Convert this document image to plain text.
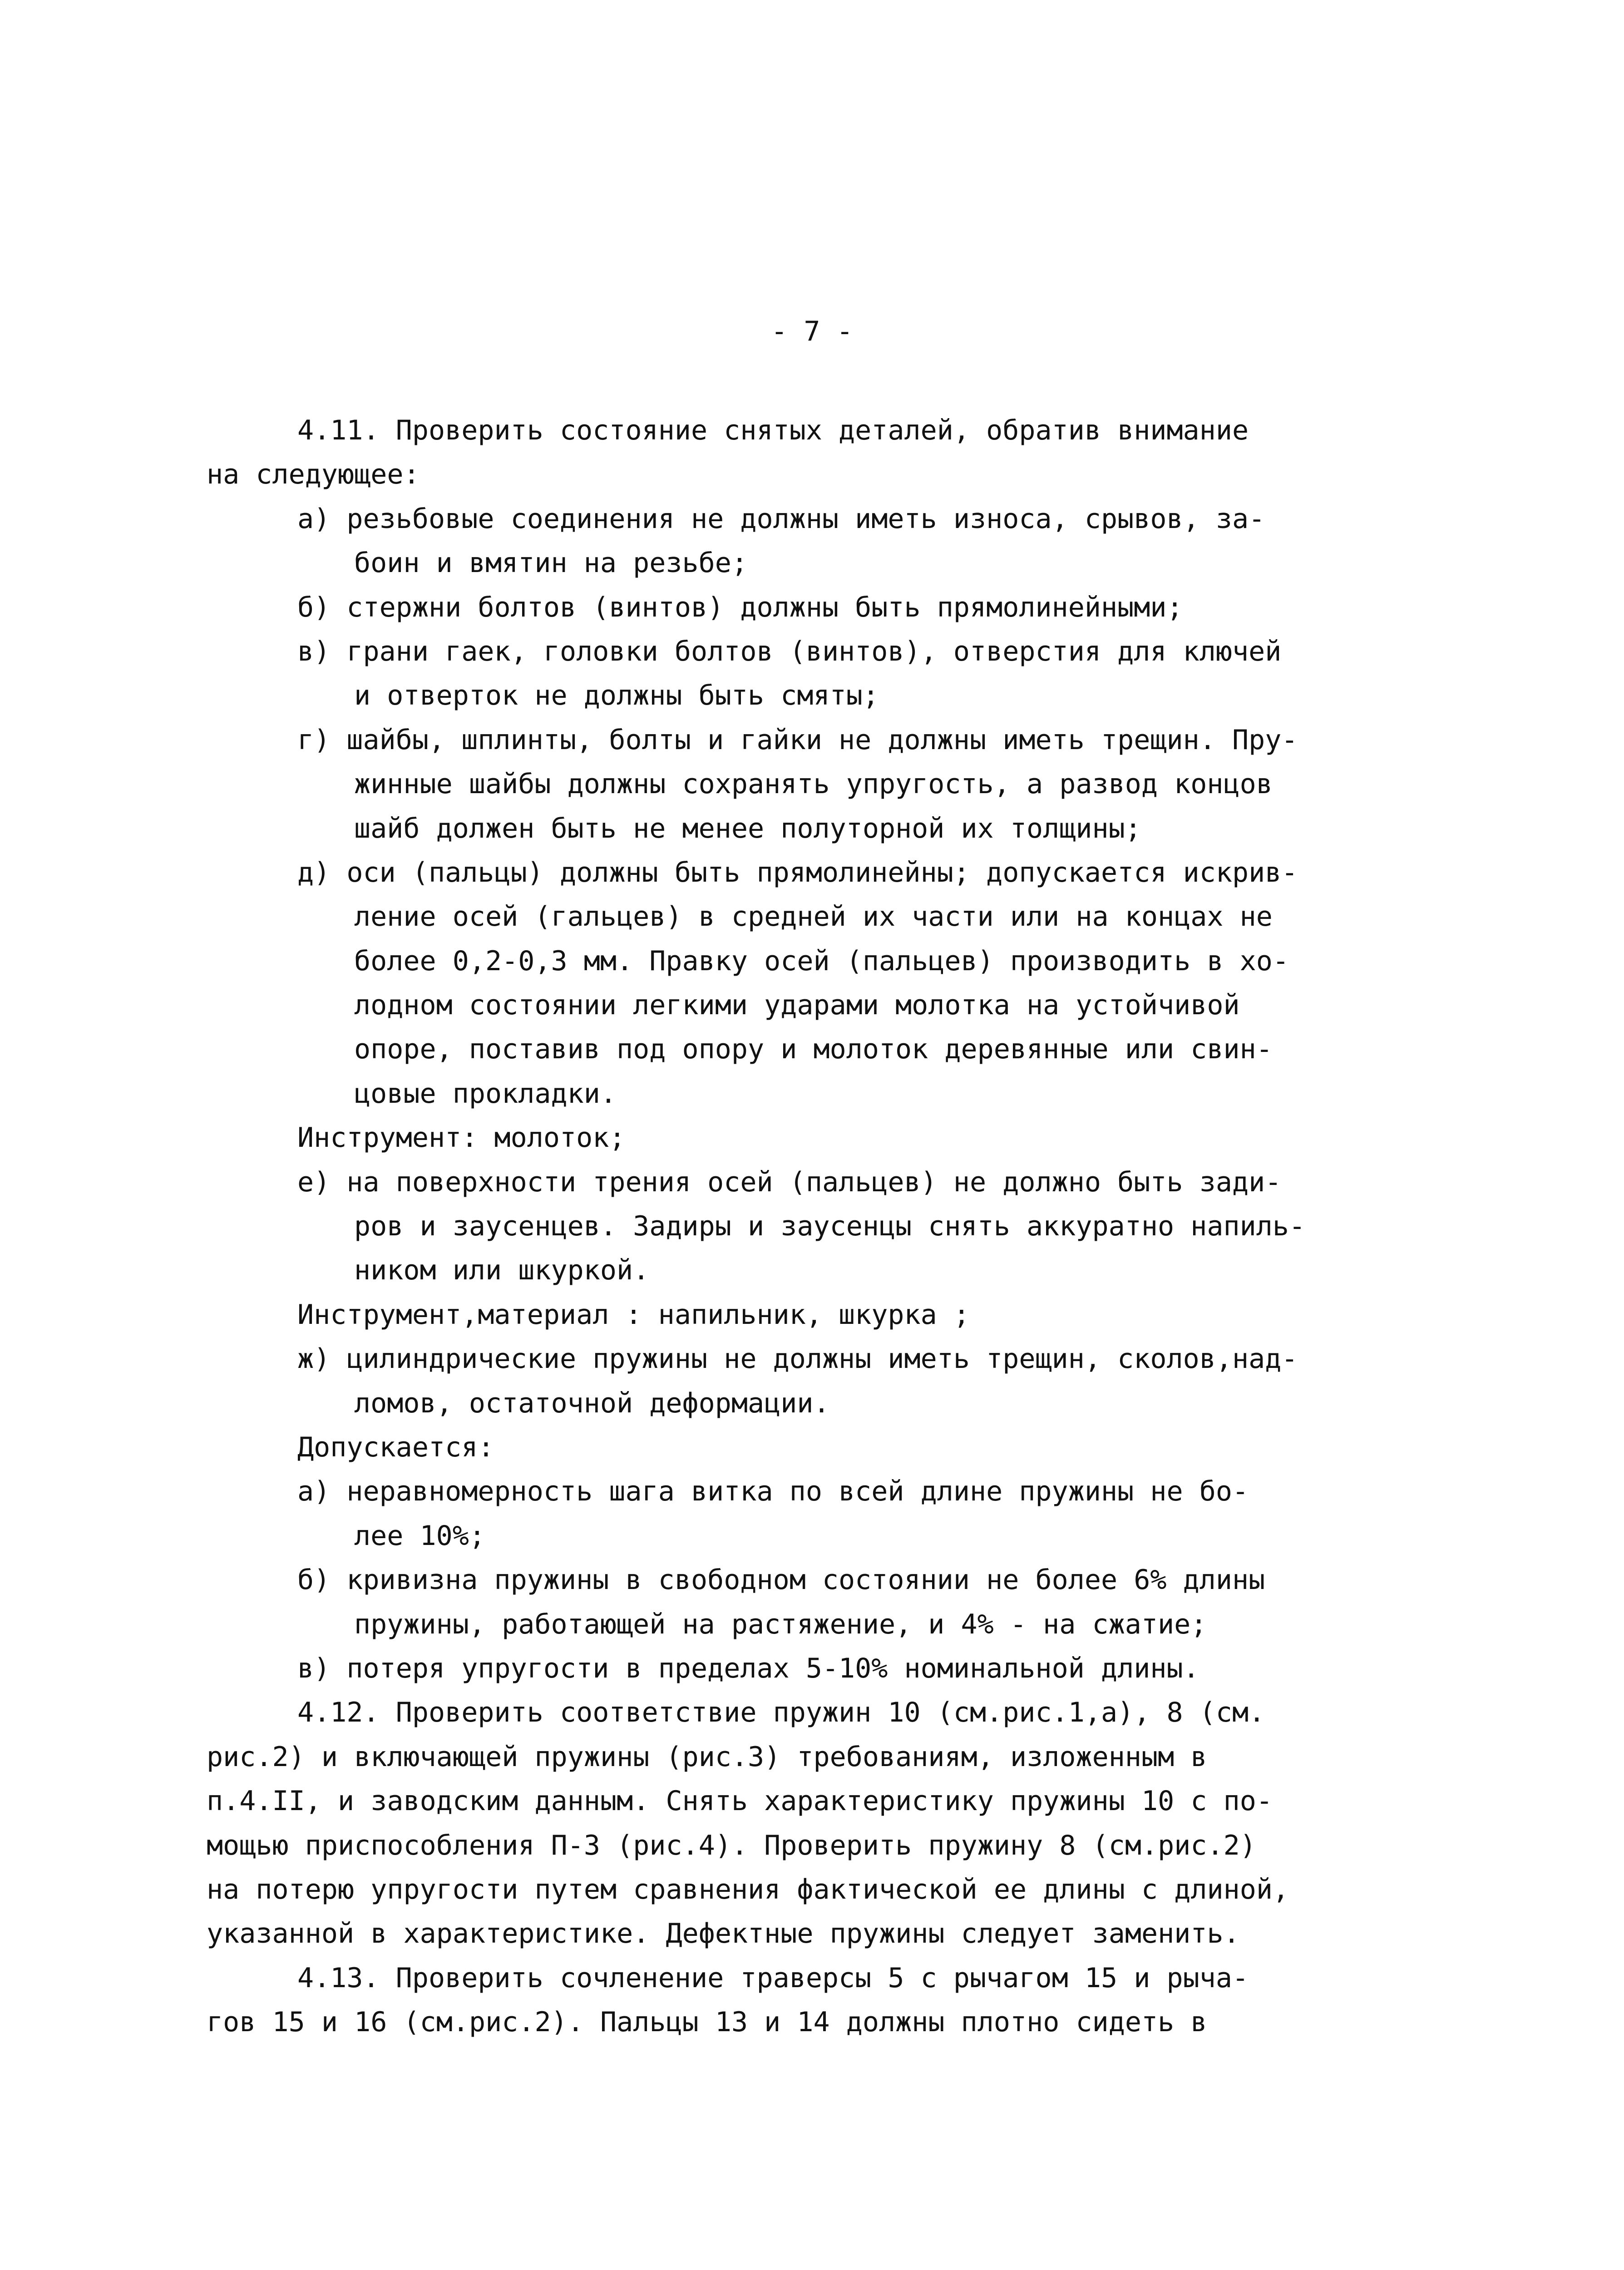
- 7 -
4.11. Проверить состояние снятых деталей, обратив внимание
на следующее:
а) резьбовые соединения не должны иметь износа, срывов, за-
боин и вмятин на резьбе;
б) стержни болтов (винтов) должны быть прямолинейными;
в) грани гаек, головки болтов (винтов), отверстия для ключей
и отверток не должны быть смяты;
г) шайбы, шплинты, болты и гайки не должны иметь трещин. Пру-
жинные шайбы должны сохранять упругость, а развод концов
шайб должен быть не менее полуторной их толщины;
д) оси (пальцы) должны быть прямолинейны; допускается искрив-
ление осей (гальцев) в средней их части или на концах не
более 0,2-0,3 мм. Правку осей (пальцев) производить в хо-
лодном состоянии легкими ударами молотка на устойчивой
опоре, поставив под опору и молоток деревянные или свин-
цовые прокладки.
Инструмент: молоток;
е) на поверхности трения осей (пальцев) не должно быть зади-
ров и заусенцев. Задиры и заусенцы снять аккуратно напиль-
ником или шкуркой.
Инструмент,материал : напильник, шкурка ;
ж) цилиндрические пружины не должны иметь трещин, сколов,над-
ломов, остаточной деформации.
Допускается:
а) неравномерность шага витка по всей длине пружины не бо-
лее 10%;
б) кривизна пружины в свободном состоянии не более 6% длины
пружины, работающей на растяжение, и 4% - на сжатие;
в) потеря упругости в пределах 5-10% номинальной длины.
4.12. Проверить соответствие пружин 10 (см.рис.1,а), 8 (см.
рис.2) и включающей пружины (рис.3) требованиям, изложенным в
п.4.II, и заводским данным. Снять характеристику пружины 10 с по-
мощью приспособления П-3 (рис.4). Проверить пружину 8 (см.рис.2)
на потерю упругости путем сравнения фактической ее длины с длиной,
указанной в характеристике. Дефектные пружины следует заменить.
4.13. Проверить сочленение траверсы 5 с рычагом 15 и рыча-
гов 15 и 16 (см.рис.2). Пальцы 13 и 14 должны плотно сидеть в
